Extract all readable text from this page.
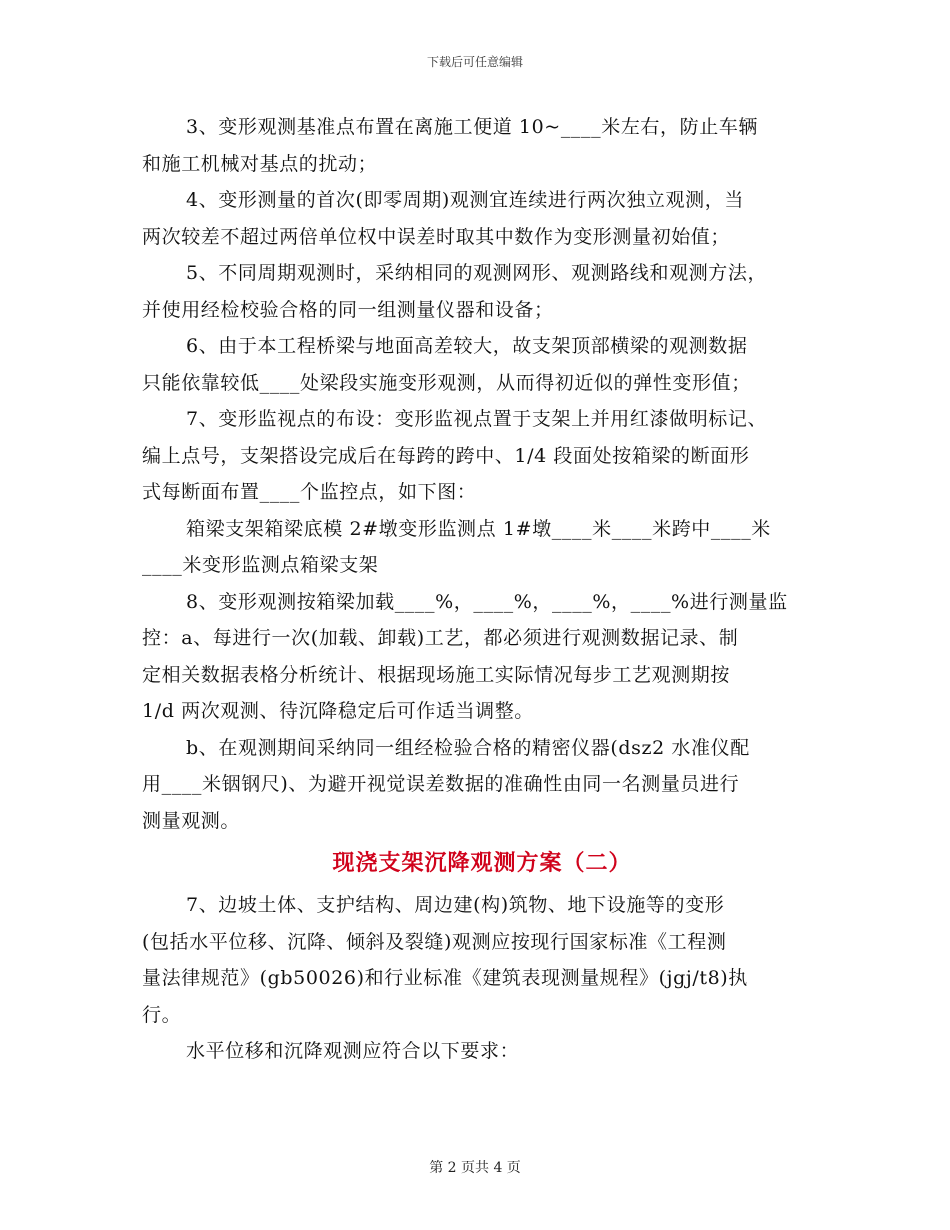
下载后可任意编辑
3、变形观测基准点布置在离施工便道 10~____米左右，防止车辆
和施工机械对基点的扰动；
4、变形测量的首次(即零周期)观测宜连续进行两次独立观测，当
两次较差不超过两倍单位权中误差时取其中数作为变形测量初始值；
5、不同周期观测时，采纳相同的观测网形、观测路线和观测方法，
并使用经检校验合格的同一组测量仪器和设备；
6、由于本工程桥梁与地面高差较大，故支架顶部横梁的观测数据
只能依靠较低____处梁段实施变形观测，从而得初近似的弹性变形值；
7、变形监视点的布设：变形监视点置于支架上并用红漆做明标记、
编上点号，支架搭设完成后在每跨的跨中、1/4 段面处按箱梁的断面形
式每断面布置____个监控点，如下图：
箱梁支架箱梁底模 2#墩变形监测点 1#墩____米____米跨中____米
____米变形监测点箱梁支架
8、变形观测按箱梁加载____%，____%，____%，____%进行测量监
控：a、每进行一次(加载、卸载)工艺，都必须进行观测数据记录、制
定相关数据表格分析统计、根据现场施工实际情况每步工艺观测期按
1/d 两次观测、待沉降稳定后可作适当调整。
b、在观测期间采纳同一组经检验合格的精密仪器(dsz2 水准仪配
用____米铟钢尺)、为避开视觉误差数据的准确性由同一名测量员进行
测量观测。
现浇支架沉降观测方案（二）
7、边坡土体、支护结构、周边建(构)筑物、地下设施等的变形
(包括水平位移、沉降、倾斜及裂缝)观测应按现行国家标准《工程测
量法律规范》(gb50026)和行业标准《建筑表现测量规程》(jgj/t8)执
行。
水平位移和沉降观测应符合以下要求：
第 2 页共 4 页
